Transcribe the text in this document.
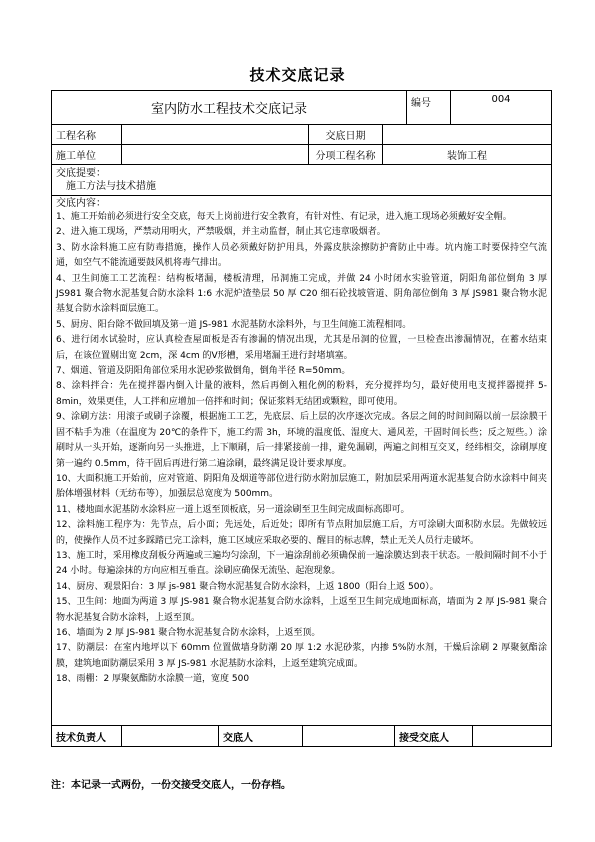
技术交底记录
室内防水工程技术交底记录	编号	004
工程名称	交底日期
施工单位	分项工程名称	装饰工程
交底提要：
施工方法与技术措施
交底内容：
1、施工开始前必须进行安全交底，每天上岗前进行安全教育，有针对性、有记录，进入施工现场必须戴好安全帽。
2、进入施工现场，严禁动用明火，严禁吸烟，并主动监督，制止其它违章吸烟者。
3、防水涂料施工应有防毒措施，操作人员必须戴好防护用具，外露皮肤涂擦防护膏防止中毒。坑内施工时要保持空气流通，如空气不能流通要鼓风机将毒气排出。
4、卫生间施工工艺流程：结构板堵漏，楼板清理，吊洞施工完成，并做 24 小时闭水实验管道，阴阳角部位倒角 3 厚 JS981 聚合物水泥基复合防水涂料 1:6 水泥炉渣垫层 50 厚 C20 细石砼找坡管道、阴角部位倒角 3 厚 JS981 聚合物水泥基复合防水涂料面层施工。
5、厨房、阳台除不做回填及第一道 JS-981 水泥基防水涂料外，与卫生间施工流程相同。
6、进行闭水试验时，应认真检查屋面板是否有渗漏的情况出现，尤其是吊洞的位置，一旦检查出渗漏情况，在蓄水结束后，在该位置剔出宽 2cm，深 4cm 的Ⅴ形槽，采用堵漏王进行封堵填塞。
7、烟道、管道及阴阳角部位采用水泥砂浆做倒角，倒角半径 R=50mm。
8、涂料拌合：先在搅拌器内倒入计量的液料，然后再倒入粗化例的粉料，充分搅拌均匀，最好使用电支搅拌器搅拌 5-8min，效果更佳，人工拌和应增加一倍拌和时间；保证浆料无结团或颗粒，即可使用。
9、涂刷方法：用滚子或刷子涂覆，根据施工工艺，先底层、后上层的次序逐次完成。各层之间的时间间隔以前一层涂膜干固不粘手为准（在温度为 20℃的条件下，施工约需 3h，环境的温度低、湿度大、通风差，干固时间长些；反之短些。）涂刷时从一头开始，逐渐向另一头推进，上下顺刷，后一排紧接前一排，避免漏刷，两遍之间相互交叉，经纬相交，涂刷厚度第一遍约 0.5mm，待干固后再进行第二遍涂刷，最终满足设计要求厚度。
10、大面积施工开始前，应对管道、阴阳角及烟道等部位进行防水附加层施工，附加层采用两道水泥基复合防水涂料中间夹胎体增强材料（无纺布等），加强层总宽度为 500mm。
11、楼地面水泥基防水涂料应一道上返至顶板底，另一道涂刷至卫生间完成面标高即可。
12、涂料施工程序为：先节点，后小面；先远处，后近处；即所有节点附加层施工后，方可涂刷大面积防水层。先做较远的，使操作人员不过多踩踏已完工涂料，施工区域应采取必要的、醒目的标志牌，禁止无关人员行走破坏。
13、施工时，采用橡皮刮板分两遍或三遍均匀涂刮，下一遍涂刮前必须确保前一遍涂膜达到表干状态。一般间隔时间不小于 24 小时。每遍涂抹的方向应相互垂直。涂刷应确保无流坠、起泡现象。
14、厨房、观景阳台：3 厚 js-981 聚合物水泥基复合防水涂料，上返 1800（阳台上返 500）。
15、卫生间：地面为两道 3 厚 JS-981 聚合物水泥基复合防水涂料，上返至卫生间完成地面标高，墙面为 2 厚 JS-981 聚合物水泥基复合防水涂料，上返至顶。
16、墙面为 2 厚 JS-981 聚合物水泥基复合防水涂料，上返至顶。
17、防潮层：在室内地坪以下 60mm 位置做墙身防潮 20 厚 1:2 水泥砂浆，内掺 5%防水剂，干燥后涂刷 2 厚聚氨酯涂膜，建筑地面防潮层采用 3 厚 JS-981 水泥基防水涂料，上返至建筑完成面。
18、雨棚：2 厚聚氨酯防水涂膜一道，宽度 500
技术负责人	交底人	接受交底人
注：本记录一式两份，一份交接受交底人，一份存档。
